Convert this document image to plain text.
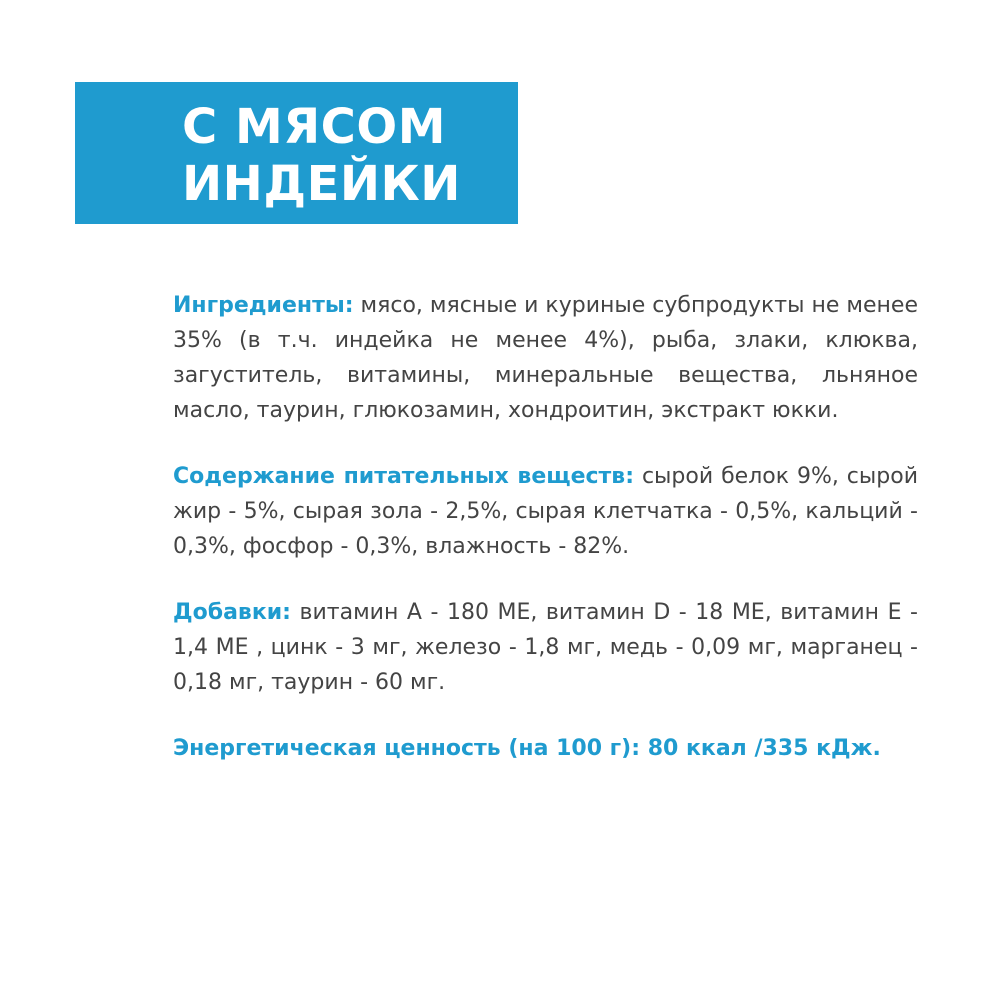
С МЯСОМ
ИНДЕЙКИ

Ингредиенты: мясо, мясные и куриные субпродукты не менее 35% (в т.ч. индейка не менее 4%), рыба, злаки, клюква, загуститель, витамины, минеральные вещества, льняное масло, таурин, глюкозамин, хондроитин, экстракт юкки.

Содержание питательных веществ: сырой белок 9%, сырой жир - 5%, сырая зола - 2,5%, сырая клетчатка - 0,5%, кальций - 0,3%, фосфор - 0,3%, влажность - 82%.

Добавки: витамин А - 180 МЕ, витамин D - 18 МЕ, витамин Е - 1,4 МЕ , цинк - 3 мг, железо - 1,8 мг, медь - 0,09 мг, марганец - 0,18 мг, таурин - 60 мг.

Энергетическая ценность (на 100 г): 80 ккал /335 кДж.
